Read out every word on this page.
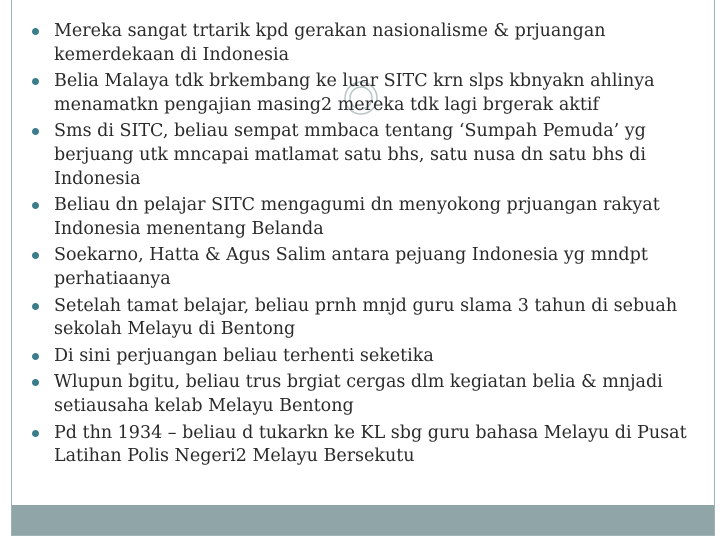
Mereka sangat trtarik kpd gerakan nasionalisme & prjuangan kemerdekaan di Indonesia
Belia Malaya tdk brkembang ke luar SITC krn slps kbnyakn ahlinya menamatkn pengajian masing2 mereka tdk lagi brgerak aktif
Sms di SITC, beliau sempat mmbaca tentang ‘Sumpah Pemuda’ yg berjuang utk mncapai matlamat satu bhs, satu nusa dn satu bhs di Indonesia
Beliau dn pelajar SITC mengagumi dn menyokong prjuangan rakyat Indonesia menentang Belanda
Soekarno, Hatta & Agus Salim antara pejuang Indonesia yg mndpt perhatiaanya
Setelah tamat belajar, beliau prnh mnjd guru slama 3 tahun di sebuah sekolah Melayu di Bentong
Di sini perjuangan beliau terhenti seketika
Wlupun bgitu, beliau trus brgiat cergas dlm kegiatan belia & mnjadi setiausaha kelab Melayu Bentong
Pd thn 1934 – beliau d tukarkn ke KL sbg guru bahasa Melayu di Pusat Latihan Polis Negeri2 Melayu Bersekutu
